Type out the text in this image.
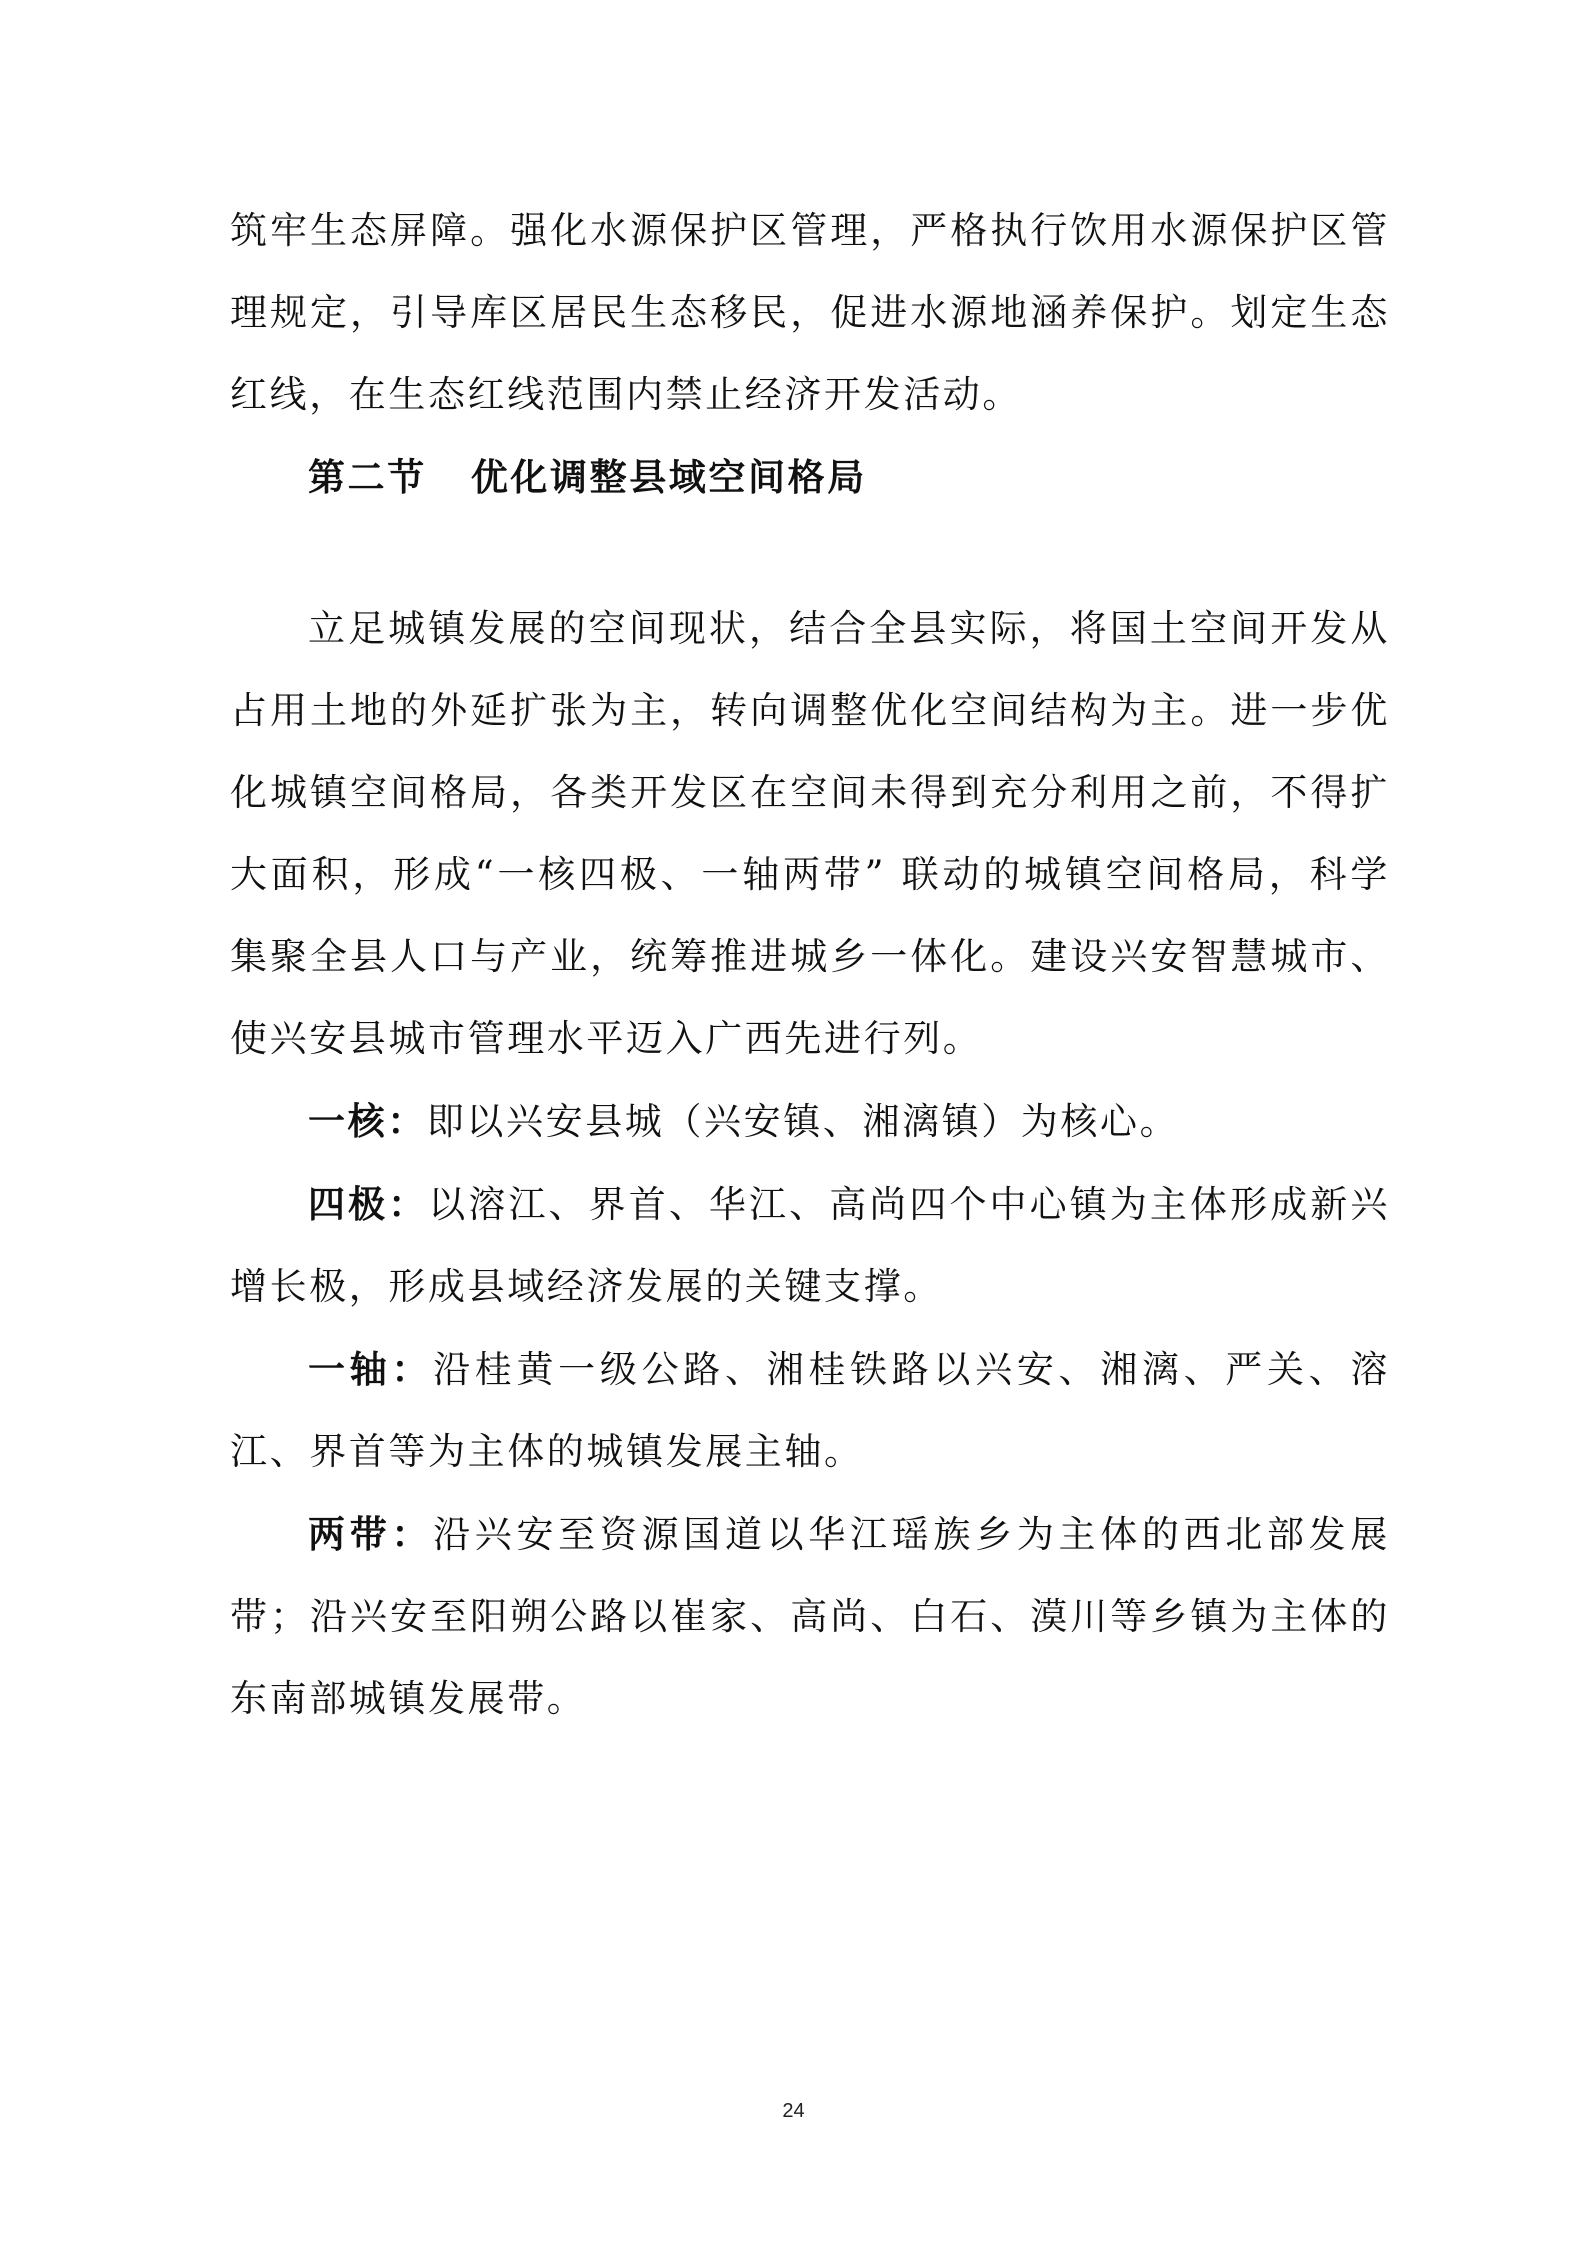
筑牢生态屏障。强化水源保护区管理，严格执行饮用水源保护区管理规定，引导库区居民生态移民，促进水源地涵养保护。划定生态红线，在生态红线范围内禁止经济开发活动。

第二节 优化调整县域空间格局

立足城镇发展的空间现状，结合全县实际，将国土空间开发从占用土地的外延扩张为主，转向调整优化空间结构为主。进一步优化城镇空间格局，各类开发区在空间未得到充分利用之前，不得扩大面积，形成“一核四极、一轴两带” 联动的城镇空间格局，科学集聚全县人口与产业，统筹推进城乡一体化。建设兴安智慧城市、使兴安县城市管理水平迈入广西先进行列。

一核：即以兴安县城（兴安镇、湘漓镇）为核心。

四极：以溶江、界首、华江、高尚四个中心镇为主体形成新兴增长极，形成县域经济发展的关键支撑。

一轴：沿桂黄一级公路、湘桂铁路以兴安、湘漓、严关、溶江、界首等为主体的城镇发展主轴。

两带：沿兴安至资源国道以华江瑶族乡为主体的西北部发展带；沿兴安至阳朔公路以崔家、高尚、白石、漠川等乡镇为主体的东南部城镇发展带。

24
